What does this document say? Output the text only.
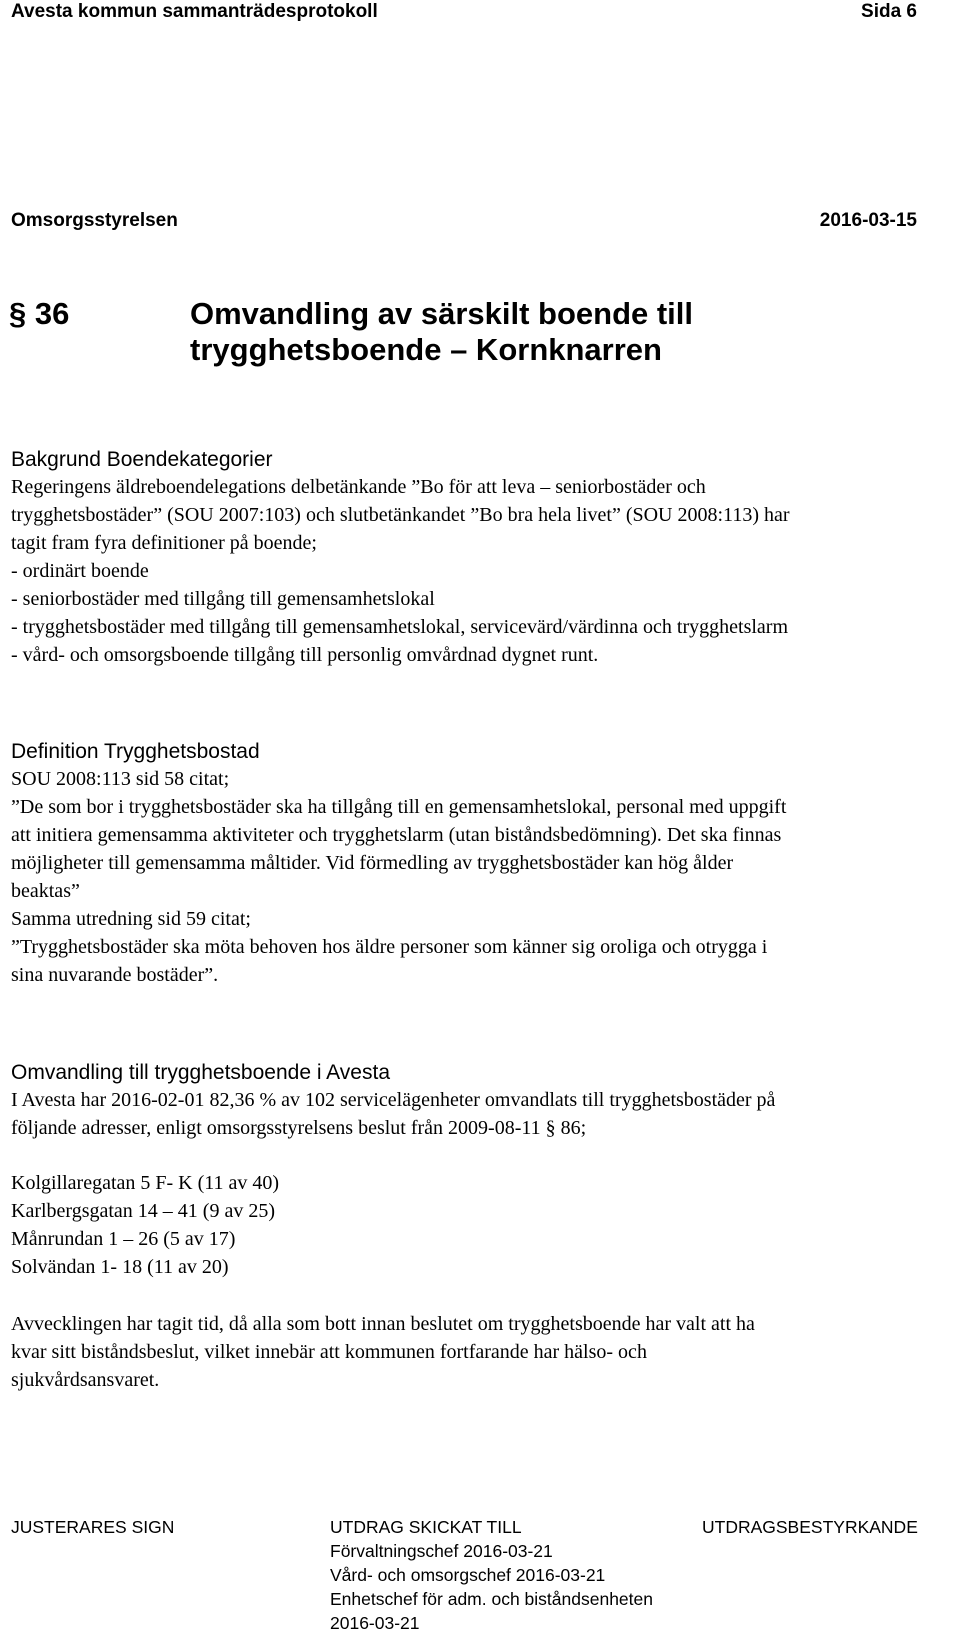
Avesta kommun sammanträdesprotokoll	Sida 6
Omsorgsstyrelsen	2016-03-15
§ 36	Omvandling av särskilt boende till
trygghetsboende – Kornknarren
Bakgrund Boendekategorier
Regeringens äldreboendelegations delbetänkande ”Bo för att leva – seniorbostäder och
trygghetsbostäder” (SOU 2007:103) och slutbetänkandet ”Bo bra hela livet” (SOU 2008:113) har
tagit fram fyra definitioner på boende;
- ordinärt boende
- seniorbostäder med tillgång till gemensamhetslokal
- trygghetsbostäder med tillgång till gemensamhetslokal, servicevärd/värdinna och trygghetslarm
- vård- och omsorgsboende tillgång till personlig omvårdnad dygnet runt.
Definition Trygghetsbostad
SOU 2008:113 sid 58 citat;
”De som bor i trygghetsbostäder ska ha tillgång till en gemensamhetslokal, personal med uppgift
att initiera gemensamma aktiviteter och trygghetslarm (utan biståndsbedömning). Det ska finnas
möjligheter till gemensamma måltider. Vid förmedling av trygghetsbostäder kan hög ålder
beaktas”
Samma utredning sid 59 citat;
”Trygghetsbostäder ska möta behoven hos äldre personer som känner sig oroliga och otrygga i
sina nuvarande bostäder”.
Omvandling till trygghetsboende i Avesta
I Avesta har 2016-02-01 82,36 % av 102 servicelägenheter omvandlats till trygghetsbostäder på
följande adresser, enligt omsorgsstyrelsens beslut från 2009-08-11 § 86;
Kolgillaregatan 5 F- K (11 av 40)
Karlbergsgatan 14 – 41 (9 av 25)
Månrundan 1 – 26 (5 av 17)
Solvändan 1- 18 (11 av 20)
Avvecklingen har tagit tid, då alla som bott innan beslutet om trygghetsboende har valt att ha
kvar sitt biståndsbeslut, vilket innebär att kommunen fortfarande har hälso- och
sjukvårdsansvaret.
JUSTERARES SIGN	UTDRAG SKICKAT TILL
Förvaltningschef 2016-03-21
Vård- och omsorgschef 2016-03-21
Enhetschef för adm. och biståndsenheten
2016-03-21
UTDRAGSBESTYRKANDE
